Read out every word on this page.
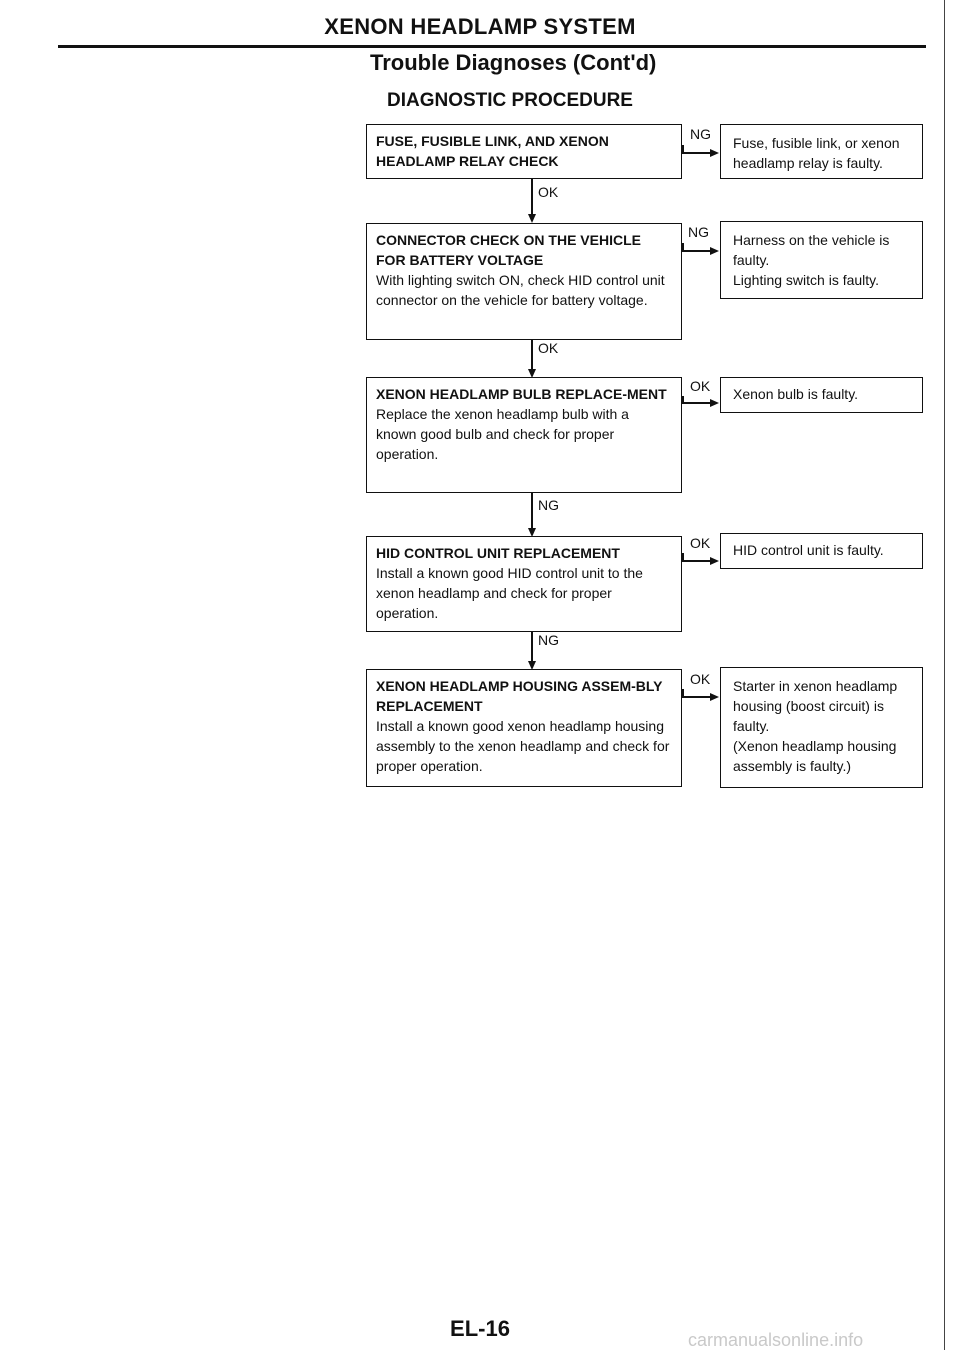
XENON HEADLAMP SYSTEM
Trouble Diagnoses (Cont'd)
DIAGNOSTIC PROCEDURE
FUSE, FUSIBLE LINK, AND XENON HEADLAMP RELAY CHECK
NG
Fuse, fusible link, or xenon headlamp relay is faulty.
OK
CONNECTOR CHECK ON THE VEHICLE FOR BATTERY VOLTAGE
With lighting switch ON, check HID control unit connector on the vehicle for battery voltage.
NG	Harness on the vehicle is faulty.
Lighting switch is faulty.
OK
XENON HEADLAMP BULB REPLACE-MENT
Replace the xenon headlamp bulb with a known good bulb and check for proper operation.
OK	Xenon bulb is faulty.
NG
HID CONTROL UNIT REPLACEMENT
Install a known good HID control unit to the xenon headlamp and check for proper operation.
OK	HID control unit is faulty.
NG
XENON HEADLAMP HOUSING ASSEM-BLY REPLACEMENT
Install a known good xenon headlamp housing assembly to the xenon headlamp and check for proper operation.
OK	Starter in xenon headlamp housing (boost circuit) is faulty.
(Xenon headlamp housing assembly is faulty.)
EL-16	carmanualsonline.info
